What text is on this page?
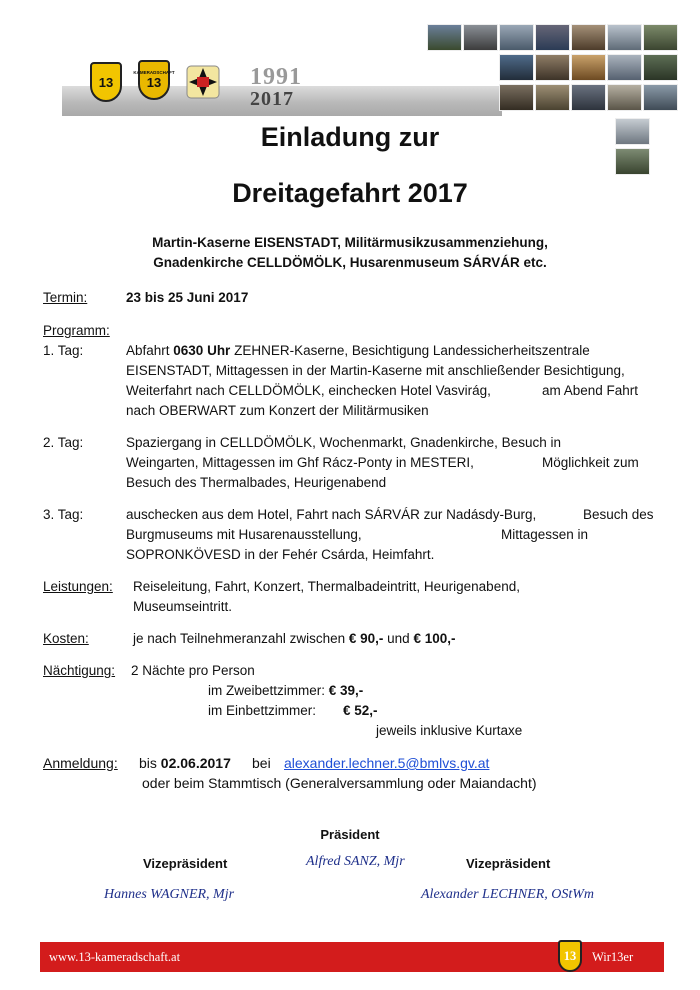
13
KAMERADSCHAFT
13	1991
2017
Einladung zur
Dreitagefahrt 2017
Martin-Kaserne EISENSTADT, Militärmusikzusammenziehung,
Gnadenkirche CELLDÖMÖLK, Husarenmuseum SÁRVÁR etc.
Termin:	23 bis 25 Juni 2017
Programm:
1. Tag:	Abfahrt 0630 Uhr ZEHNER-Kaserne, Besichtigung Landessicherheitszentrale
EISENSTADT, Mittagessen in der Martin-Kaserne mit anschließender Besichtigung,
Weiterfahrt nach CELLDÖMÖLK, einchecken Hotel Vasvirág,	am Abend Fahrt
nach OBERWART zum Konzert der Militärmusiken
2. Tag:	Spaziergang in CELLDÖMÖLK, Wochenmarkt, Gnadenkirche, Besuch in
Weingarten, Mittagessen im Ghf Rácz-Ponty in MESTERI,	Möglichkeit zum
Besuch des Thermalbades, Heurigenabend
3. Tag:	auschecken aus dem Hotel, Fahrt nach SÁRVÁR zur Nadásdy-Burg,	Besuch des
Burgmuseums mit Husarenausstellung,	Mittagessen in
SOPRONKÖVESD in der Fehér Csárda, Heimfahrt.
Leistungen: Reiseleitung, Fahrt, Konzert, Thermalbadeintritt, Heurigenabend,
Museumseintritt.
Kosten:	je nach Teilnehmeranzahl zwischen € 90,- und € 100,-
Nächtigung: 2 Nächte pro Person
im Zweibettzimmer: € 39,-
im Einbettzimmer: € 52,-
jeweils inklusive Kurtaxe
Anmeldung: bis 02.06.2017 bei alexander.lechner.5@bmlvs.gv.at
oder beim Stammtisch (Generalversammlung oder Maiandacht)
Präsident
Vizepräsident	Alfred SANZ, Mjr	Vizepräsident
Hannes WAGNER, Mjr	Alexander LECHNER, OStWm
www.13-kameradschaft.at	13 Wir13er
